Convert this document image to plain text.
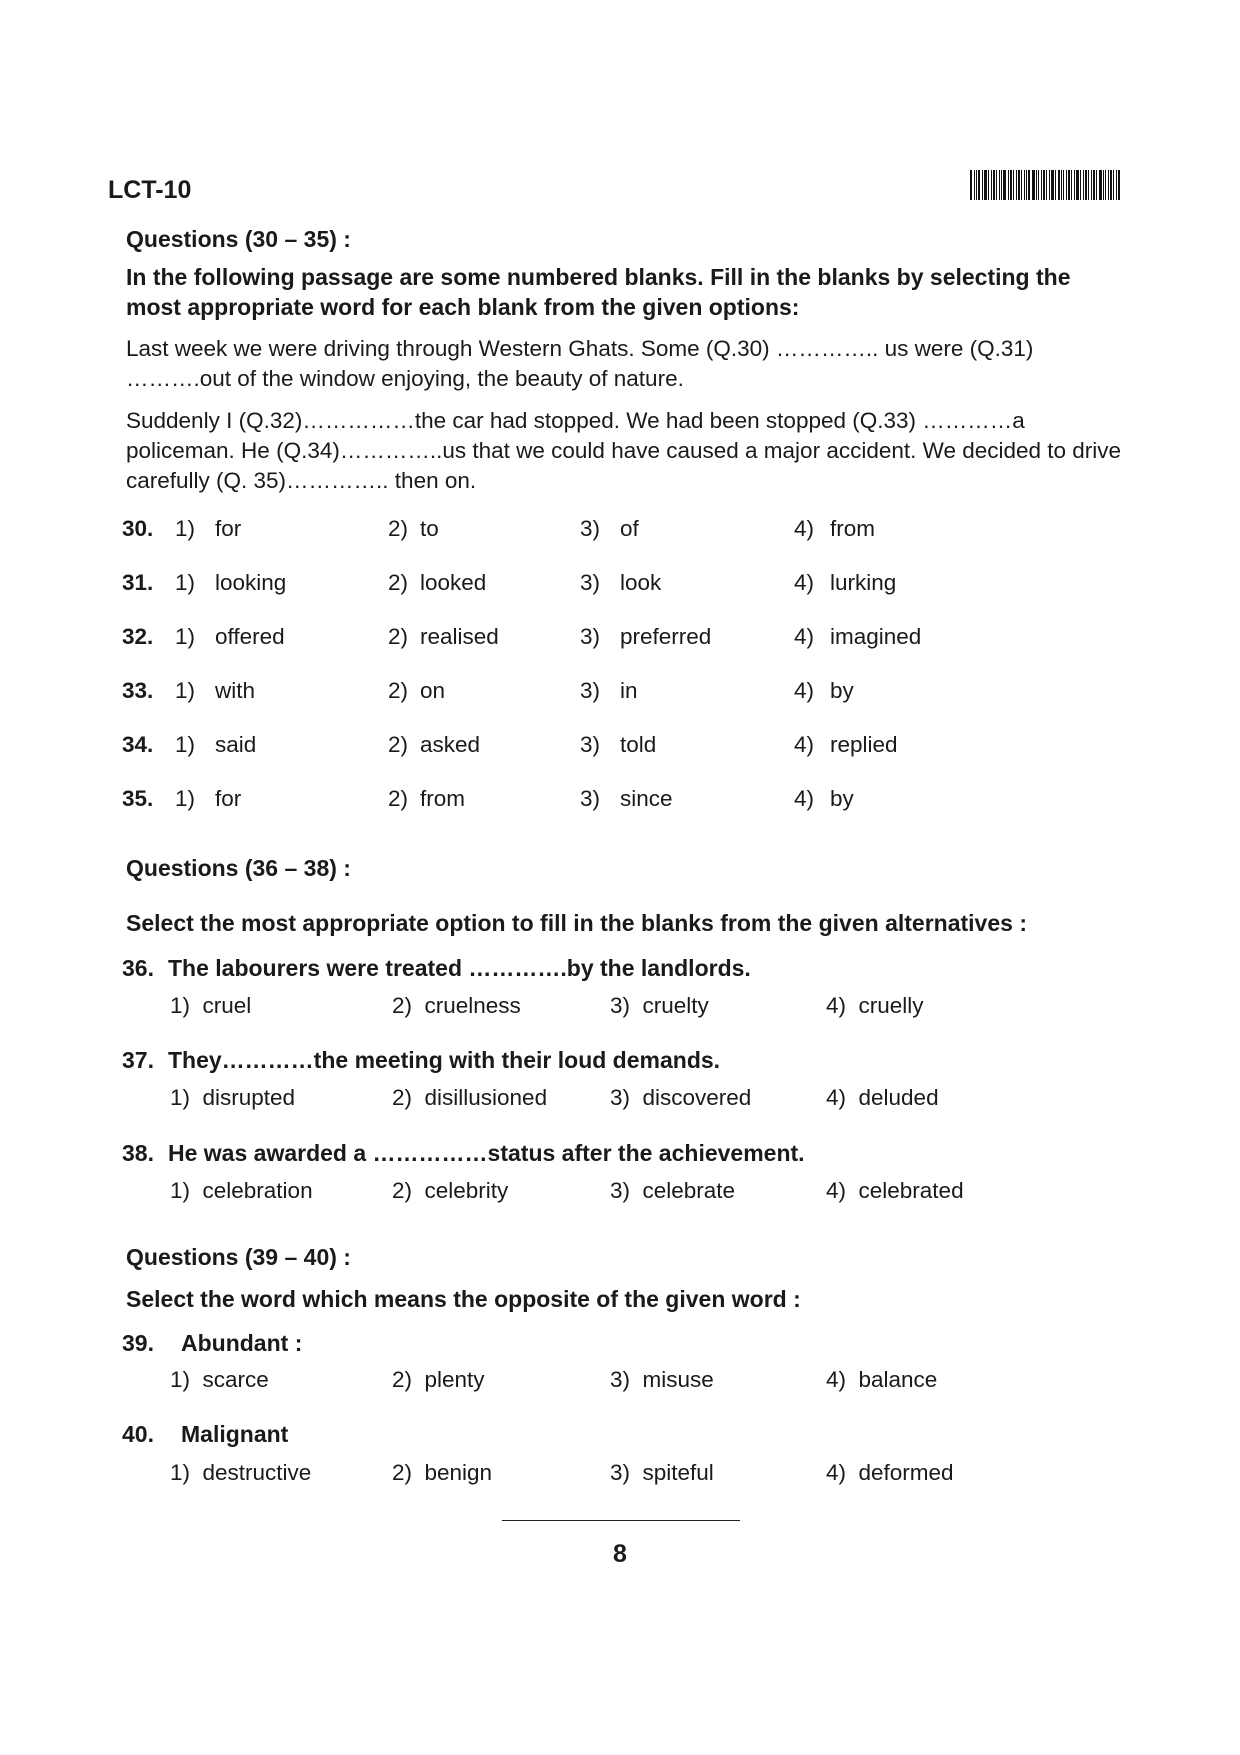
LCT-10
Questions (30 – 35) :
In the following passage are some numbered blanks. Fill in the blanks by selecting the most appropriate word for each blank from the given options:

Last week we were driving through Western Ghats. Some (Q.30) ………….. us were (Q.31) ……….out of the window enjoying, the beauty of nature.

Suddenly I (Q.32)……………the car had stopped. We had been stopped (Q.33) …………a policeman. He (Q.34)…………..us that we could have caused a major accident. We decided to drive carefully (Q. 35)………….. then on.

30. 1) for	2) to	3) of	4) from
31. 1) looking	2) looked	3) look	4) lurking
32. 1) offered	2) realised	3) preferred	4) imagined
33. 1) with	2) on	3) in	4) by
34. 1) said	2) asked	3) told	4) replied
35. 1) for	2) from	3) since	4) by
Questions (36 – 38) :
Select the most appropriate option to fill in the blanks from the given alternatives :
36. The labourers were treated ………….by the landlords.
1)  cruel	2)  cruelness	3)  cruelty	4)  cruelly
37. They…………the meeting with their loud demands.
1)  disrupted	2)  disillusioned	3)  discovered	4)  deluded
38. He was awarded a ……………status after the achievement.
1)  celebration	2)  celebrity	3)  celebrate	4)  celebrated
Questions (39 – 40) :
Select the word which means the opposite of the given word :
39. Abundant :
1)  scarce	2)  plenty	3)  misuse	4)  balance
40. Malignant
1)  destructive	2)  benign	3)  spiteful	4)  deformed
8
